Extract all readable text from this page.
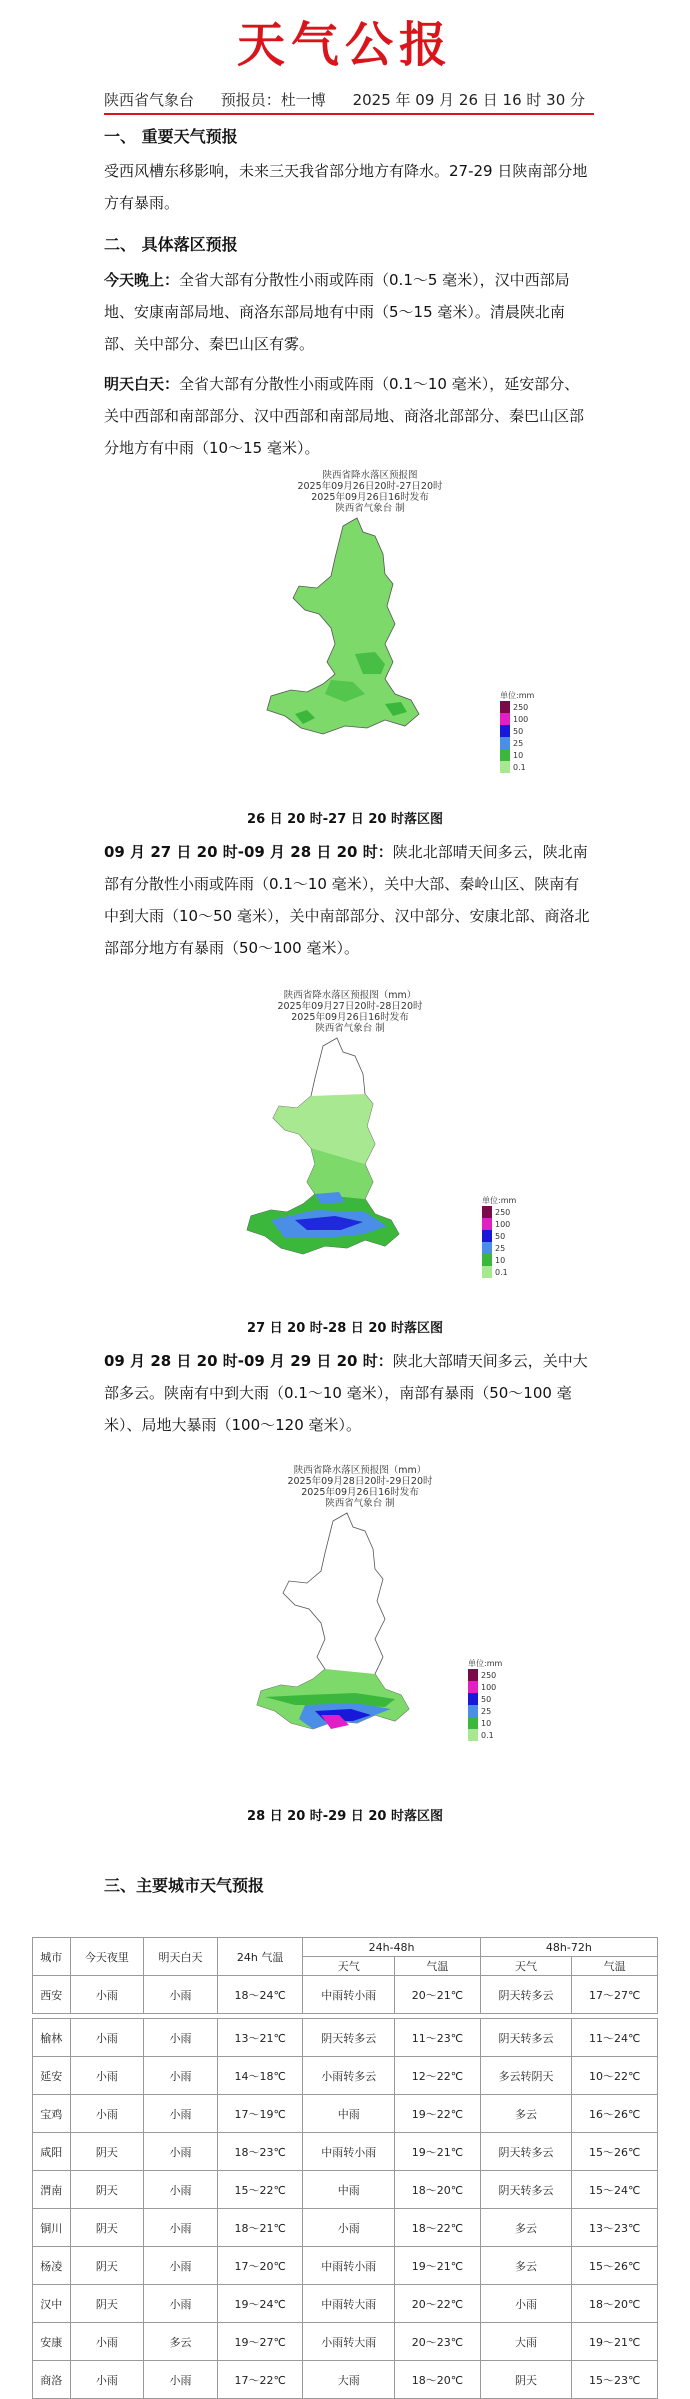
天气公报
陕西省气象台 预报员：杜一博 2025 年 09 月 26 日 16 时 30 分
一、 重要天气预报
受西风槽东移影响，未来三天我省部分地方有降水。27-29 日陕南部分地方有暴雨。
二、 具体落区预报
今天晚上：全省大部有分散性小雨或阵雨（0.1～5 毫米），汉中西部局地、安康南部局地、商洛东部局地有中雨（5～15 毫米）。清晨陕北南部、关中部分、秦巴山区有雾。
明天白天：全省大部有分散性小雨或阵雨（0.1～10 毫米），延安部分、关中西部和南部部分、汉中西部和南部局地、商洛北部部分、秦巴山区部分地方有中雨（10～15 毫米）。
陕西省降水落区预报图
2025年09月26日20时-27日20时
2025年09月26日16时发布
陕西省气象台 制
单位:mm
250
100
50
25
10
0.1
26 日 20 时-27 日 20 时落区图
09 月 27 日 20 时-09 月 28 日 20 时：陕北北部晴天间多云，陕北南部有分散性小雨或阵雨（0.1～10 毫米），关中大部、秦岭山区、陕南有中到大雨（10～50 毫米），关中南部部分、汉中部分、安康北部、商洛北部部分地方有暴雨（50～100 毫米）。
陕西省降水落区预报图（mm）
2025年09月27日20时-28日20时
2025年09月26日16时发布
陕西省气象台 制
单位:mm
250
100
50
25
10
0.1
27 日 20 时-28 日 20 时落区图
09 月 28 日 20 时-09 月 29 日 20 时：陕北大部晴天间多云，关中大部多云。陕南有中到大雨（0.1～10 毫米），南部有暴雨（50～100 毫米）、局地大暴雨（100～120 毫米）。
陕西省降水落区预报图（mm）
2025年09月28日20时-29日20时
2025年09月26日16时发布
陕西省气象台 制
单位:mm
250
100
50
25
10
0.1
28 日 20 时-29 日 20 时落区图
三、主要城市天气预报
城市	今天夜里	明天白天	24h 气温	24h-48h		48h-72h	
				天气	气温	天气	气温
西安	小雨	小雨	18～24℃	中雨转小雨	20～21℃	阴天转多云	17～27℃

榆林	小雨	小雨	13～21℃	阴天转多云	11～23℃	阴天转多云	11～24℃
延安	小雨	小雨	14～18℃	小雨转多云	12～22℃	多云转阴天	10～22℃
宝鸡	小雨	小雨	17～19℃	中雨	19～22℃	多云	16～26℃
咸阳	阴天	小雨	18～23℃	中雨转小雨	19～21℃	阴天转多云	15～26℃
渭南	阴天	小雨	15～22℃	中雨	18～20℃	阴天转多云	15～24℃
铜川	阴天	小雨	18～21℃	小雨	18～22℃	多云	13～23℃
杨凌	阴天	小雨	17～20℃	中雨转小雨	19～21℃	多云	15～26℃
汉中	阴天	小雨	19～24℃	中雨转大雨	20～22℃	小雨	18～20℃
安康	小雨	多云	19～27℃	小雨转大雨	20～23℃	大雨	19～21℃
商洛	小雨	小雨	17～22℃	大雨	18～20℃	阴天	15～23℃
